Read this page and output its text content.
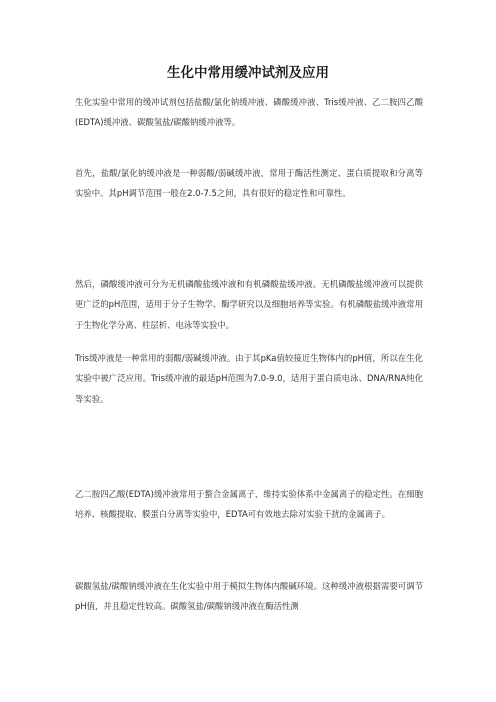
生化中常用缓冲试剂及应用

生化实验中常用的缓冲试剂包括盐酸/氯化钠缓冲液、磷酸缓冲液、Tris缓冲液、乙二胺四乙酸(EDTA)缓冲液、碳酸氢盐/碳酸钠缓冲液等。

首先，盐酸/氯化钠缓冲液是一种弱酸/弱碱缓冲液，常用于酶活性测定、蛋白质提取和分离等实验中。其pH调节范围一般在2.0-7.5之间，具有很好的稳定性和可靠性。

然后，磷酸缓冲液可分为无机磷酸盐缓冲液和有机磷酸盐缓冲液。无机磷酸盐缓冲液可以提供更广泛的pH范围，适用于分子生物学、酶学研究以及细胞培养等实验。有机磷酸盐缓冲液常用于生物化学分离、柱层析、电泳等实验中。

Tris缓冲液是一种常用的弱酸/弱碱缓冲液。由于其pKa值较接近生物体内的pH值，所以在生化实验中被广泛应用。Tris缓冲液的最适pH范围为7.0-9.0，适用于蛋白质电泳、DNA/RNA纯化等实验。

乙二胺四乙酸(EDTA)缓冲液常用于螯合金属离子，维持实验体系中金属离子的稳定性。在细胞培养、核酸提取、膜蛋白分离等实验中，EDTA可有效地去除对实验干扰的金属离子。

碳酸氢盐/碳酸钠缓冲液在生化实验中用于模拟生物体内酸碱环境。这种缓冲液根据需要可调节pH值，并且稳定性较高。碳酸氢盐/碳酸钠缓冲液在酶活性测
